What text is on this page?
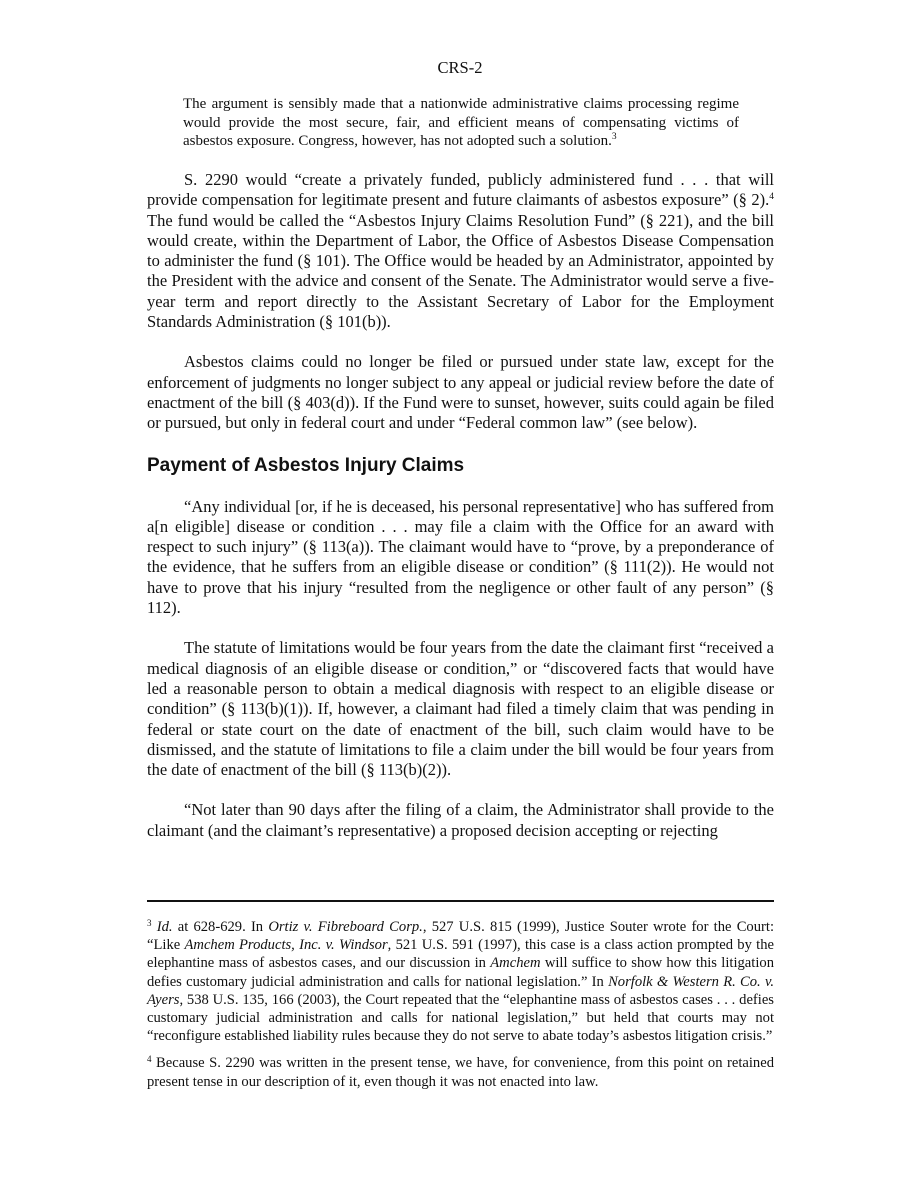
CRS-2
The argument is sensibly made that a nationwide administrative claims processing regime would provide the most secure, fair, and efficient means of compensating victims of asbestos exposure. Congress, however, has not adopted such a solution.$^3$

S. 2290 would “create a privately funded, publicly administered fund . . . that will provide compensation for legitimate present and future claimants of asbestos exposure” (§ 2).$^4$ The fund would be called the “Asbestos Injury Claims Resolution Fund” (§ 221), and the bill would create, within the Department of Labor, the Office of Asbestos Disease Compensation to administer the fund (§ 101). The Office would be headed by an Administrator, appointed by the President with the advice and consent of the Senate. The Administrator would serve a five-year term and report directly to the Assistant Secretary of Labor for the Employment Standards Administration (§ 101(b)).

Asbestos claims could no longer be filed or pursued under state law, except for the enforcement of judgments no longer subject to any appeal or judicial review before the date of enactment of the bill (§ 403(d)). If the Fund were to sunset, however, suits could again be filed or pursued, but only in federal court and under “Federal common law” (see below).

Payment of Asbestos Injury Claims

“Any individual [or, if he is deceased, his personal representative] who has suffered from a[n eligible] disease or condition . . . may file a claim with the Office for an award with respect to such injury” (§ 113(a)). The claimant would have to “prove, by a preponderance of the evidence, that he suffers from an eligible disease or condition” (§ 111(2)). He would not have to prove that his injury “resulted from the negligence or other fault of any person” (§ 112).

The statute of limitations would be four years from the date the claimant first “received a medical diagnosis of an eligible disease or condition,” or “discovered facts that would have led a reasonable person to obtain a medical diagnosis with respect to an eligible disease or condition” (§ 113(b)(1)). If, however, a claimant had filed a timely claim that was pending in federal or state court on the date of enactment of the bill, such claim would have to be dismissed, and the statute of limitations to file a claim under the bill would be four years from the date of enactment of the bill (§ 113(b)(2)).

“Not later than 90 days after the filing of a claim, the Administrator shall provide to the claimant (and the claimant’s representative) a proposed decision accepting or rejecting

$^3$ Id. at 628-629. In Ortiz v. Fibreboard Corp., 527 U.S. 815 (1999), Justice Souter wrote for the Court: “Like Amchem Products, Inc. v. Windsor, 521 U.S. 591 (1997), this case is a class action prompted by the elephantine mass of asbestos cases, and our discussion in Amchem will suffice to show how this litigation defies customary judicial administration and calls for national legislation.” In Norfolk & Western R. Co. v. Ayers, 538 U.S. 135, 166 (2003), the Court repeated that the “elephantine mass of asbestos cases . . . defies customary judicial administration and calls for national legislation,” but held that courts may not “reconfigure established liability rules because they do not serve to abate today’s asbestos litigation crisis.”

$^4$ Because S. 2290 was written in the present tense, we have, for convenience, from this point on retained present tense in our description of it, even though it was not enacted into law.
